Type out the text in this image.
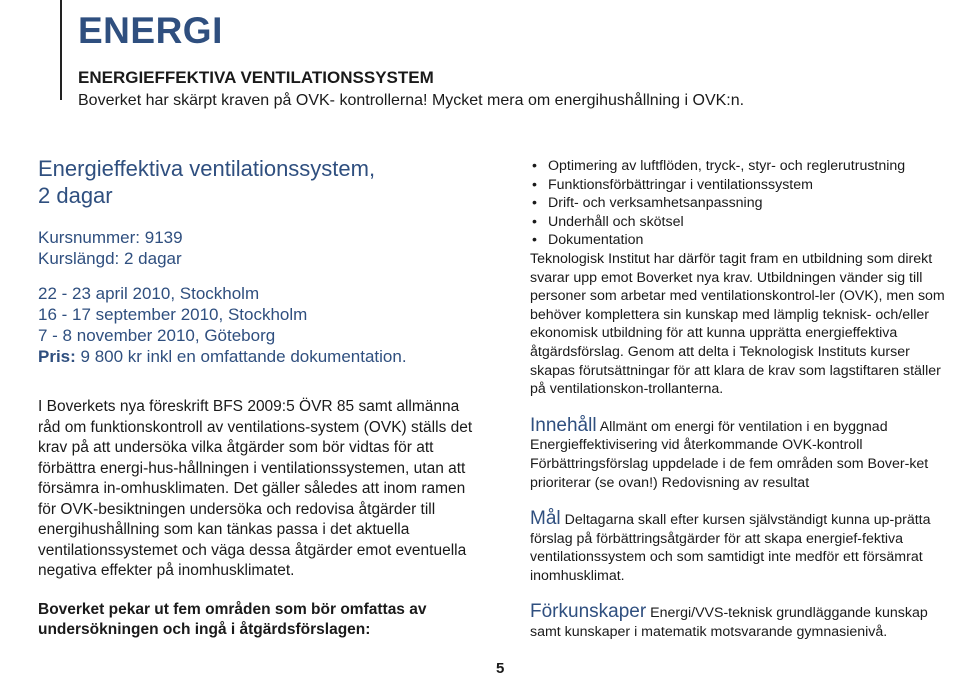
ENERGI
ENERGIEFFEKTIVA VENTILATIONSSYSTEM
Boverket har skärpt kraven på OVK- kontrollerna! Mycket mera om energihushållning i OVK:n.
Energieffektiva ventilationssystem,
2 dagar
Kursnummer: 9139
Kurslängd: 2 dagar
22 - 23 april 2010, Stockholm
16 - 17 september 2010, Stockholm
7 - 8 november 2010, Göteborg
Pris: 9 800 kr inkl en omfattande dokumentation.
I Boverkets nya föreskrift BFS 2009:5 ÖVR 85 samt allmänna råd om funktionskontroll av ventilations-system (OVK) ställs det krav på att undersöka vilka åtgärder som bör vidtas för att förbättra energi-hus-hållningen i ventilationssystemen, utan att försämra in-omhusklimaten. Det gäller således att inom ramen för OVK-besiktningen undersöka och redovisa åtgärder till energihushållning som kan tänkas passa i det aktuella ventilationssystemet och väga dessa åtgärder emot eventuella negativa effekter på inomhusklimatet.
Boverket pekar ut fem områden som bör omfattas av undersökningen och ingå i åtgärdsförslagen:
5
• Optimering av luftflöden, tryck-, styr- och reglerutrustning
• Funktionsförbättringar i ventilationssystem
• Drift- och verksamhetsanpassning
• Underhåll och skötsel
• Dokumentation
Teknologisk Institut har därför tagit fram en utbildning som direkt svarar upp emot Boverket nya krav. Utbildningen vänder sig till personer som arbetar med ventilationskontrol-ler (OVK), men som behöver komplettera sin kunskap med lämplig teknisk- och/eller ekonomisk utbildning för att kunna upprätta energieffektiva åtgärdsförslag. Genom att delta i Teknologisk Instituts kurser skapas förutsättningar för att klara de krav som lagstiftaren ställer på ventilationskon-trollanterna.
Innehåll Allmänt om energi för ventilation i en byggnad Energieffektivisering vid återkommande OVK-kontroll Förbättringsförslag uppdelade i de fem områden som Bover-ket prioriterar (se ovan!) Redovisning av resultat
Mål Deltagarna skall efter kursen självständigt kunna up-prätta förslag på förbättringsåtgärder för att skapa energief-fektiva ventilationssystem och som samtidigt inte medför ett försämrat inomhusklimat.
Förkunskaper Energi/VVS-teknisk grundläggande kunskap samt kunskaper i matematik motsvarande gymnasienivå.
